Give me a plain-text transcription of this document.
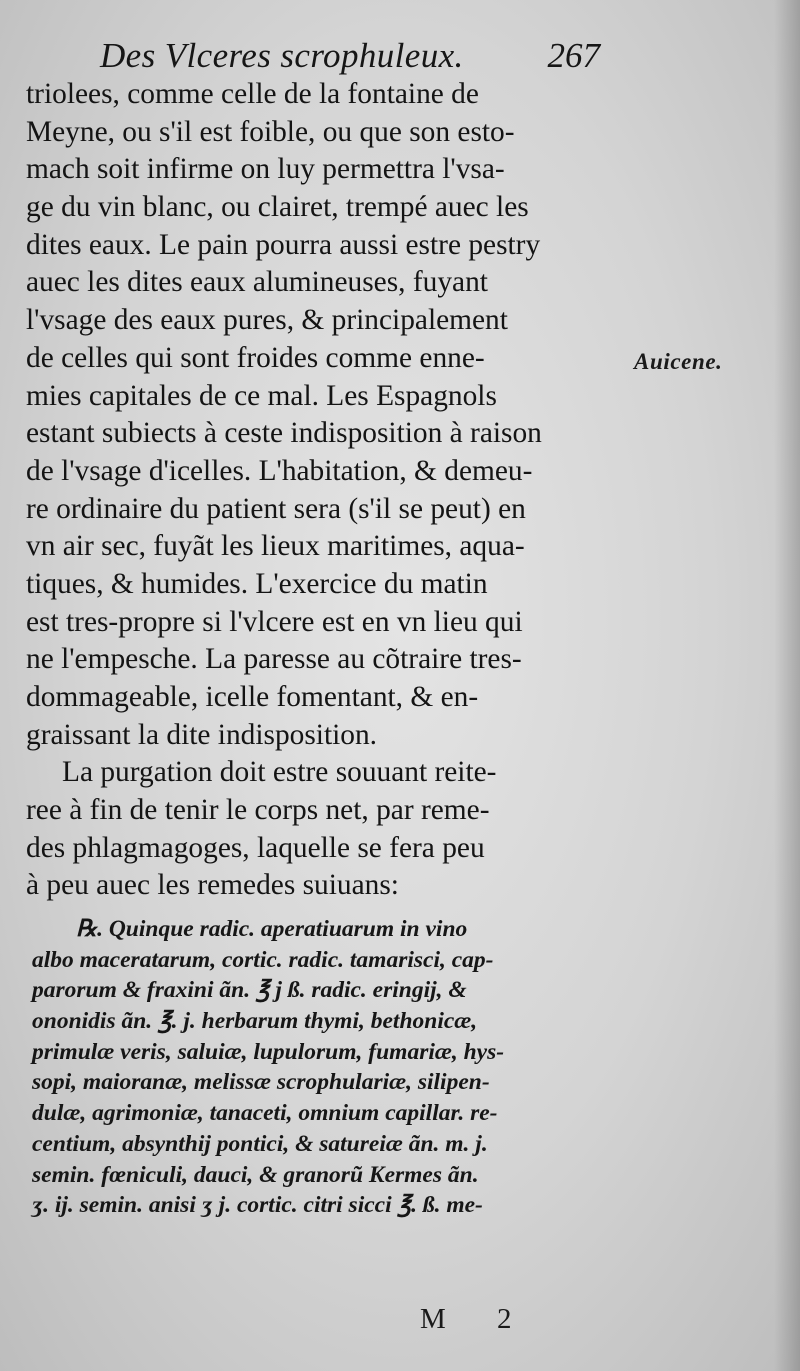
Des Vlceres scrophuleux. 267
Auicene.
triolees, comme celle de la fontaine de
Meyne, ou s'il est foible, ou que son esto-
mach soit infirme on luy permettra l'vsa-
ge du vin blanc, ou clairet, trempé auec les
dites eaux. Le pain pourra aussi estre pestry
auec les dites eaux alumineuses, fuyant
l'vsage des eaux pures, & principalement
de celles qui sont froides comme enne-
mies capitales de ce mal. Les Espagnols
estant subiects à ceste indisposition à raison
de l'vsage d'icelles. L'habitation, & demeu-
re ordinaire du patient sera (s'il se peut) en
vn air sec, fuyãt les lieux maritimes, aqua-
tiques, & humides. L'exercice du matin
est tres-propre si l'vlcere est en vn lieu qui
ne l'empesche. La paresse au cõtraire tres-
dommageable, icelle fomentant, & en-
graissant la dite indisposition.
La purgation doit estre souuant reite-
ree à fin de tenir le corps net, par reme-
des phlagmagoges, laquelle se fera peu
à peu auec les remedes suiuans:
℞. Quinque radic. aperatiuarum in vino
albo maceratarum, cortic. radic. tamarisci, cap-
parorum & fraxini ãn. ℥ j ß. radic. eringij, &
ononidis ãn. ℥. j. herbarum thymi, bethonicæ,
primulæ veris, saluiæ, lupulorum, fumariæ, hys-
sopi, maioranæ, melissæ scrophulariæ, silipen-
dulæ, agrimoniæ, tanaceti, omnium capillar. re-
centium, absynthij pontici, & satureiæ ãn. m. j.
semin. fœniculi, dauci, & granorũ Kermes ãn.
ʒ. ij. semin. anisi ʒ j. cortic. citri sicci ℥. ß. me-
M 2
